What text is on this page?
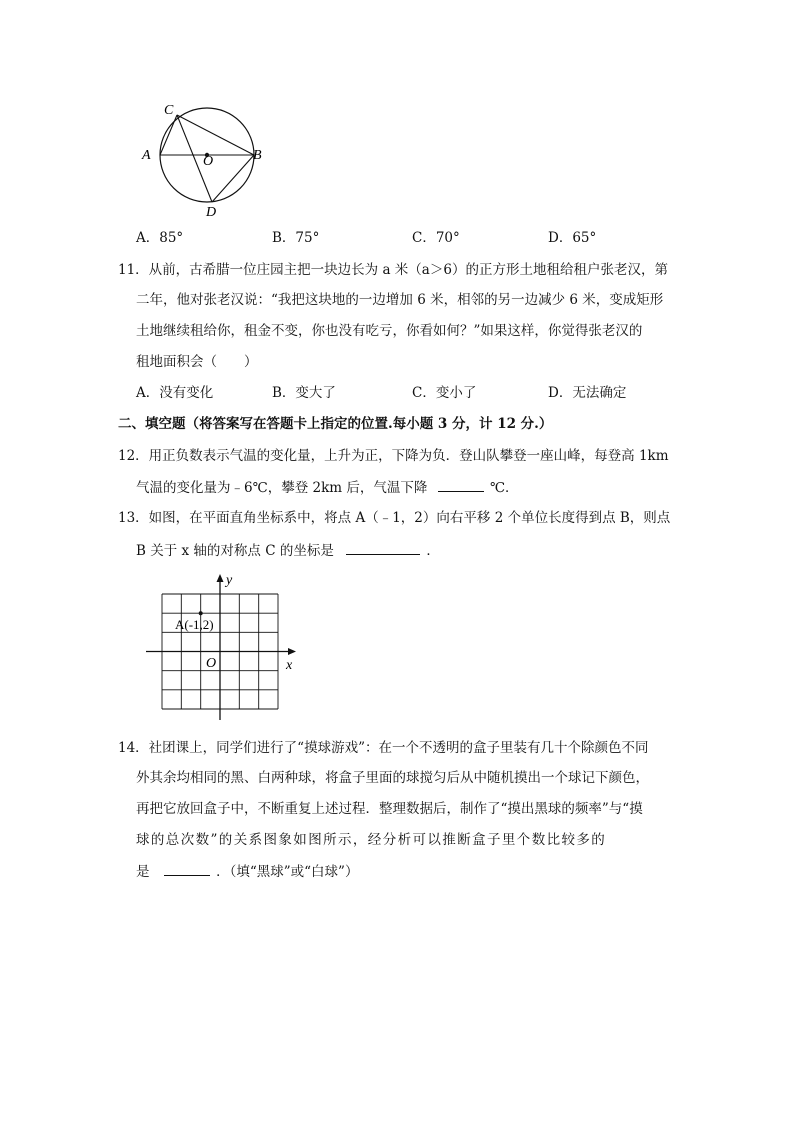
C
A	O	B
D
A．85°	B．75°	C．70°	D．65°
11．从前，古希腊一位庄园主把一块边长为 a 米（a＞6）的正方形土地租给租户张老汉，第
二年，他对张老汉说：“我把这块地的一边增加 6 米，相邻的另一边减少 6 米，变成矩形
土地继续租给你，租金不变，你也没有吃亏，你看如何？”如果这样，你觉得张老汉的
租地面积会（　　）
A．没有变化	B．变大了	C．变小了	D．无法确定
二、填空题（将答案写在答题卡上指定的位置.每小题 3 分，计 12 分.）
12．用正负数表示气温的变化量，上升为正，下降为负．登山队攀登一座山峰，每登高 1km
气温的变化量为﹣6℃，攀登 2km 后，气温下降	℃．
13．如图，在平面直角坐标系中，将点 A（﹣1，2）向右平移 2 个单位长度得到点 B，则点
B 关于 x 轴的对称点 C 的坐标是	．
y
x
O
A(-1,2)
14．社团课上，同学们进行了“摸球游戏”：在一个不透明的盒子里装有几十个除颜色不同
外其余均相同的黑、白两种球，将盒子里面的球搅匀后从中随机摸出一个球记下颜色，
再把它放回盒子中，不断重复上述过程．整理数据后，制作了“摸出黑球的频率”与“摸
球的总次数”的关系图象如图所示，经分析可以推断盒子里个数比较多的
是	．（填“黑球”或“白球”）
